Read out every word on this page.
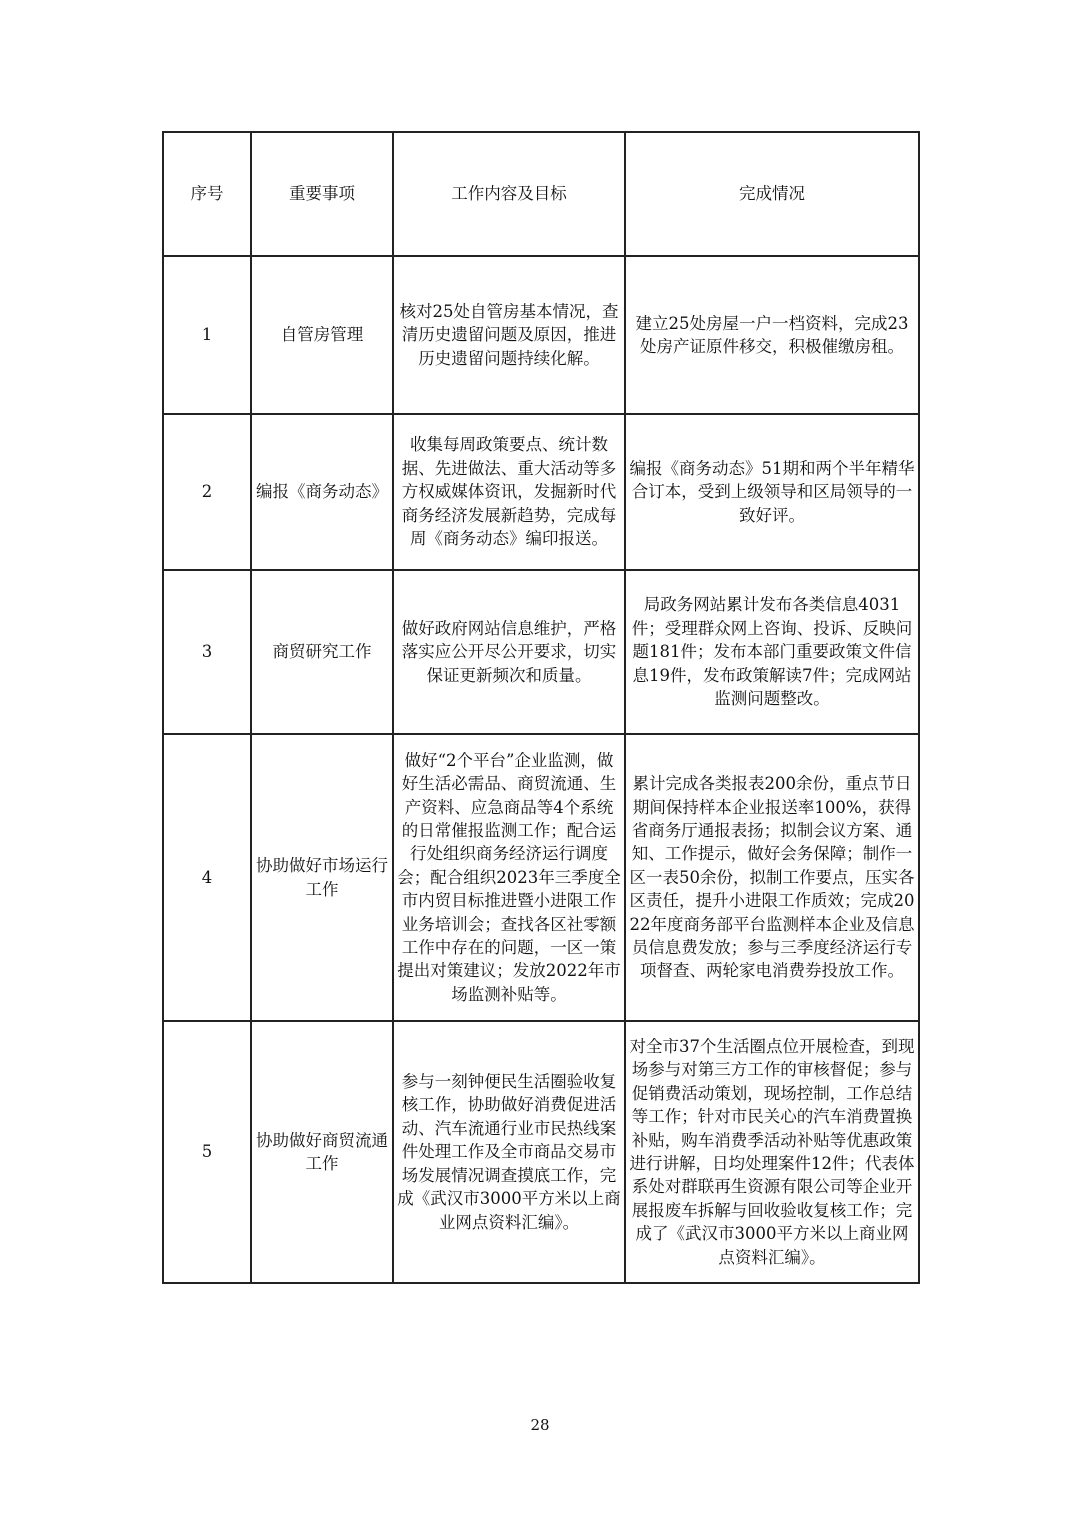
序号	重要事项	工作内容及目标	完成情况
1	自管房管理	核对25处自管房基本情况，查清历史遗留问题及原因，推进历史遗留问题持续化解。	建立25处房屋一户一档资料，完成23处房产证原件移交，积极催缴房租。
2	编报《商务动态》	收集每周政策要点、统计数据、先进做法、重大活动等多方权威媒体资讯，发掘新时代商务经济发展新趋势，完成每周《商务动态》编印报送。	编报《商务动态》51期和两个半年精华合订本，受到上级领导和区局领导的一致好评。
3	商贸研究工作	做好政府网站信息维护，严格落实应公开尽公开要求，切实保证更新频次和质量。	局政务网站累计发布各类信息4031件；受理群众网上咨询、投诉、反映问题181件；发布本部门重要政策文件信息19件，发布政策解读7件；完成网站监测问题整改。
4	协助做好市场运行工作	做好“2个平台”企业监测，做好生活必需品、商贸流通、生产资料、应急商品等4个系统的日常催报监测工作；配合运行处组织商务经济运行调度会；配合组织2023年三季度全市内贸目标推进暨小进限工作业务培训会；查找各区社零额工作中存在的问题，一区一策提出对策建议；发放2022年市场监测补贴等。	累计完成各类报表200余份，重点节日期间保持样本企业报送率100%，获得省商务厅通报表扬；拟制会议方案、通知、工作提示，做好会务保障；制作一区一表50余份，拟制工作要点，压实各区责任，提升小进限工作质效；完成2022年度商务部平台监测样本企业及信息员信息费发放；参与三季度经济运行专项督查、两轮家电消费券投放工作。
5	协助做好商贸流通工作	参与一刻钟便民生活圈验收复核工作，协助做好消费促进活动、汽车流通行业市民热线案件处理工作及全市商品交易市场发展情况调查摸底工作，完成《武汉市3000平方米以上商业网点资料汇编》。	对全市37个生活圈点位开展检查，到现场参与对第三方工作的审核督促；参与促销费活动策划，现场控制，工作总结等工作；针对市民关心的汽车消费置换补贴，购车消费季活动补贴等优惠政策进行讲解，日均处理案件12件；代表体系处对群联再生资源有限公司等企业开展报废车拆解与回收验收复核工作；完成了《武汉市3000平方米以上商业网点资料汇编》。
28
